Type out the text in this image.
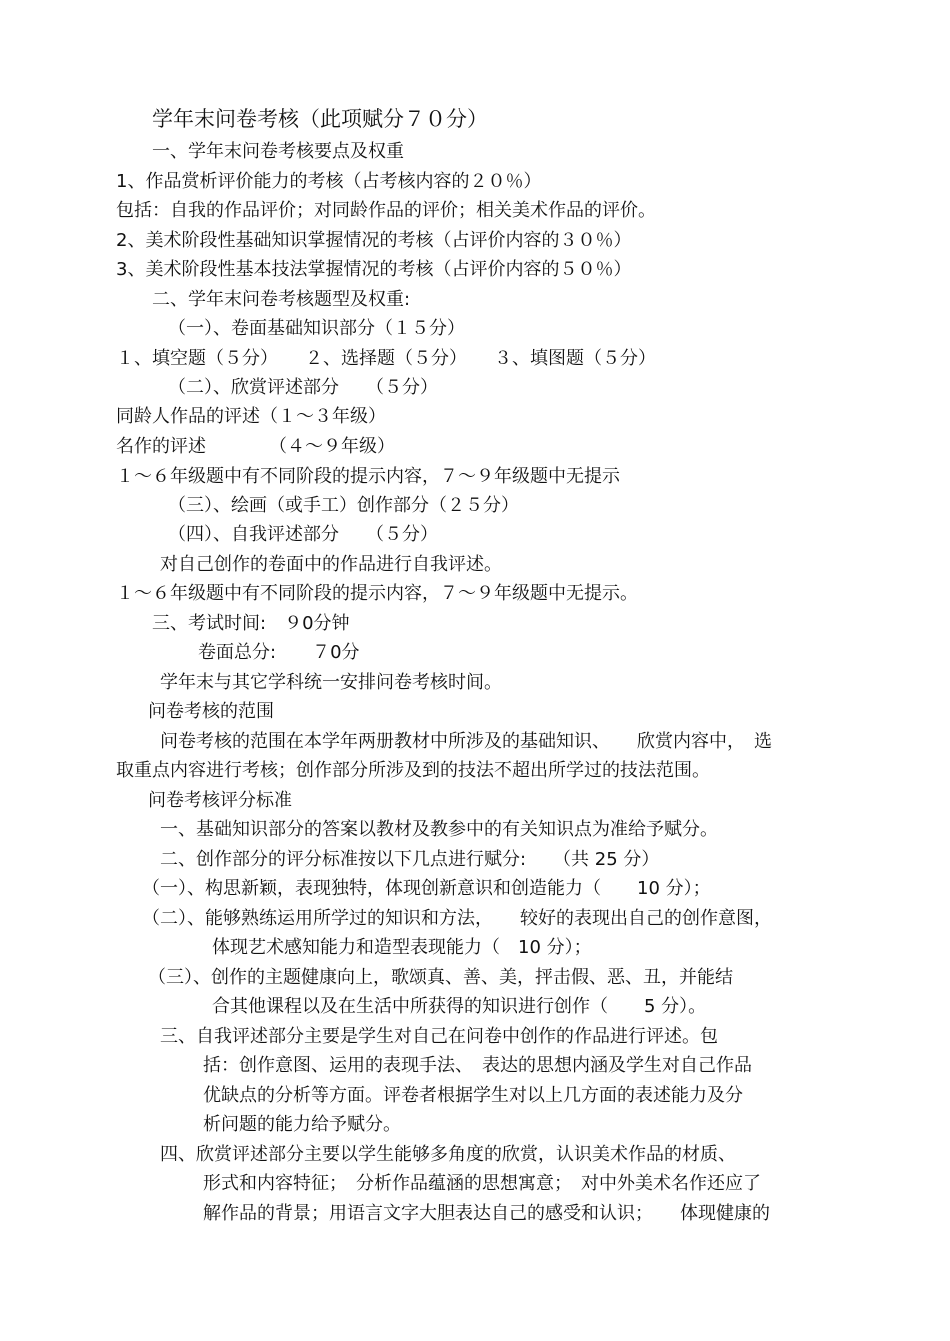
学年末问卷考核（此项赋分７０分）
一、学年末问卷考核要点及权重
1、作品赏析评价能力的考核（占考核内容的２０％）
包括：自我的作品评价；对同龄作品的评价；相关美术作品的评价。
2、美术阶段性基础知识掌握情况的考核（占评价内容的３０％）
3、美术阶段性基本技法掌握情况的考核（占评价内容的５０％）
二、学年末问卷考核题型及权重:
（一）、卷面基础知识部分（１５分）
１、填空题（５分）　　２、选择题（５分）　　３、填图题（５分）
（二）、欣赏评述部分　　（５分）
同龄人作品的评述（１～３年级）
名作的评述　　　　（４～９年级）
１～６年级题中有不同阶段的提示内容，７～９年级题中无提示
（三）、绘画（或手工）创作部分（２５分）
（四）、自我评述部分　　（５分）
对自己创作的卷面中的作品进行自我评述。
１～６年级题中有不同阶段的提示内容，７～９年级题中无提示。
三、考试时间:　９0分钟
卷面总分:　　７0分
学年末与其它学科统一安排问卷考核时间。
问卷考核的范围
问卷考核的范围在本学年两册教材中所涉及的基础知识、　　欣赏内容中，　选
取重点内容进行考核；创作部分所涉及到的技法不超出所学过的技法范围。
问卷考核评分标准
一、基础知识部分的答案以教材及教参中的有关知识点为准给予赋分。
二、创作部分的评分标准按以下几点进行赋分:　　（共 25 分）
（一）、构思新颖，表现独特，体现创新意识和创造能力（　　10 分）；
（二）、能够熟练运用所学过的知识和方法，　　较好的表现出自己的创作意图，
体现艺术感知能力和造型表现能力（　10 分）；
（三）、创作的主题健康向上，歌颂真、善、美，抨击假、恶、丑，并能结
合其他课程以及在生活中所获得的知识进行创作（　　5 分）。
三、自我评述部分主要是学生对自己在问卷中创作的作品进行评述。包
括：创作意图、运用的表现手法、　表达的思想内涵及学生对自己作品
优缺点的分析等方面。评卷者根据学生对以上几方面的表述能力及分
析问题的能力给予赋分。
四、欣赏评述部分主要以学生能够多角度的欣赏，认识美术作品的材质、
形式和内容特征；　分析作品蕴涵的思想寓意；　对中外美术名作还应了
解作品的背景；用语言文字大胆表达自己的感受和认识；　　体现健康的
